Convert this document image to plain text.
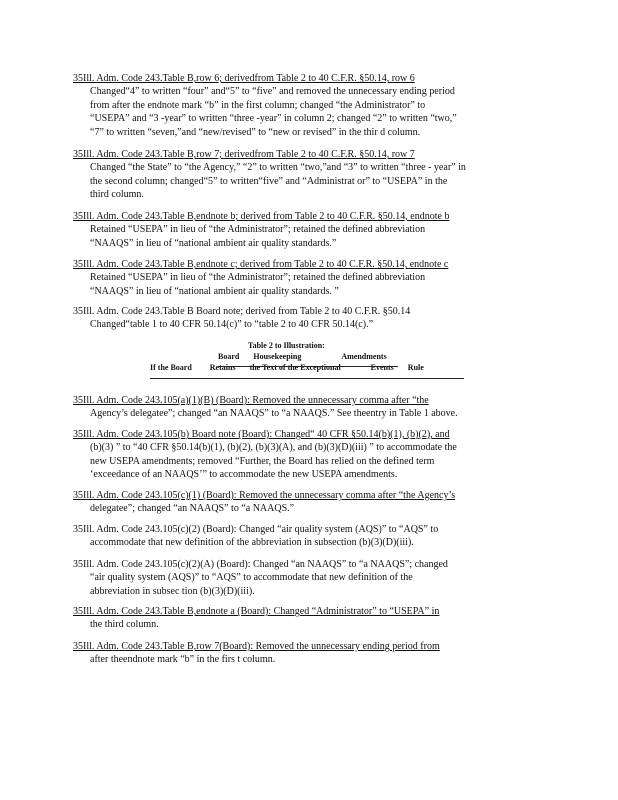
35Ill. Adm. Code 243.Table B,row 6; derivedfrom Table 2 to 40 C.F.R. §50.14, row 6
Changed“4” to written “four” and“5” to “five” and removed the unnecessary ending period
from after the endnote mark “b” in the first column; changed “the Administrator” to
“USEPA” and “3 -year” to written “three -year” in column 2; changed “2” to written “two,”
“7” to written “seven,”and “new/revised” to “new or revised” in the thir d column.
35Ill. Adm. Code 243.Table B,row 7; derivedfrom Table 2 to 40 C.F.R. §50.14, row 7
Changed “the State” to “the Agency,” “2” to written “two,”and “3” to written “three - year” in
the second column; changed“5” to written“five” and “Administrat or” to “USEPA” in the
third column.
35Ill. Adm. Code 243.Table B,endnote b; derived from Table 2 to 40 C.F.R. §50.14, endnote b
Retained “USEPA” in lieu of “the Administrator”; retained the defined abbreviation
“NAAQS” in lieu of “national ambient air quality standards.”
35Ill. Adm. Code 243.Table B,endnote c; derived from Table 2 to 40 C.F.R. §50.14, endnote c
Retained “USEPA” in lieu of “the Administrator”; retained the defined abbreviation
“NAAQS” in lieu of “national ambient air quality standards. ”
35Ill. Adm. Code 243.Table B Board note; derived from Table 2 to 40 C.F.R. §50.14
Changed“table 1 to 40 CFR 50.14(c)” to “table 2 to 40 CFR 50.14(c).”
Table 2 to Illustration:
Board Housekeeping	Amendments
If the Board Retains the Text of the Exceptional	Events Rule
35Ill. Adm. Code 243.105(a)(1)(B) (Board): Removed the unnecessary comma after “the
Agency’s delegatee”; changed “an NAAQS” to “a NAAQS.” See theentry in Table 1 above.
35Ill. Adm. Code 243.105(b) Board note (Board): Changed“ 40 CFR §50.14(b)(1), (b)(2), and
(b)(3) ” to “40 CFR §50.14(b)(1), (b)(2), (b)(3)(A), and (b)(3)(D)(iii) ” to accommodate the
new USEPA amendments; removed “Further, the Board has relied on the defined term
‘exceedance of an NAAQS’” to accommodate the new USEPA amendments.
35Ill. Adm. Code 243.105(c)(1) (Board): Removed the unnecessary comma after “the Agency’s
delegatee”; changed “an NAAQS” to “a NAAQS.”
35Ill. Adm. Code 243.105(c)(2) (Board): Changed “air quality system (AQS)” to “AQS” to
accommodate that new definition of the abbreviation in subsection (b)(3)(D)(iii).
35Ill. Adm. Code 243.105(c)(2)(A) (Board): Changed “an NAAQS” to “a NAAQS”; changed
“air quality system (AQS)” to “AQS” to accommodate that new definition of the
abbreviation in subsec tion (b)(3)(D)(iii).
35Ill. Adm. Code 243.Table B,endnote a (Board): Changed “Administrator” to “USEPA” in
the third column.
35Ill. Adm. Code 243.Table B,row 7(Board): Removed the unnecessary ending period from
after theendnote mark “b” in the firs t column.
